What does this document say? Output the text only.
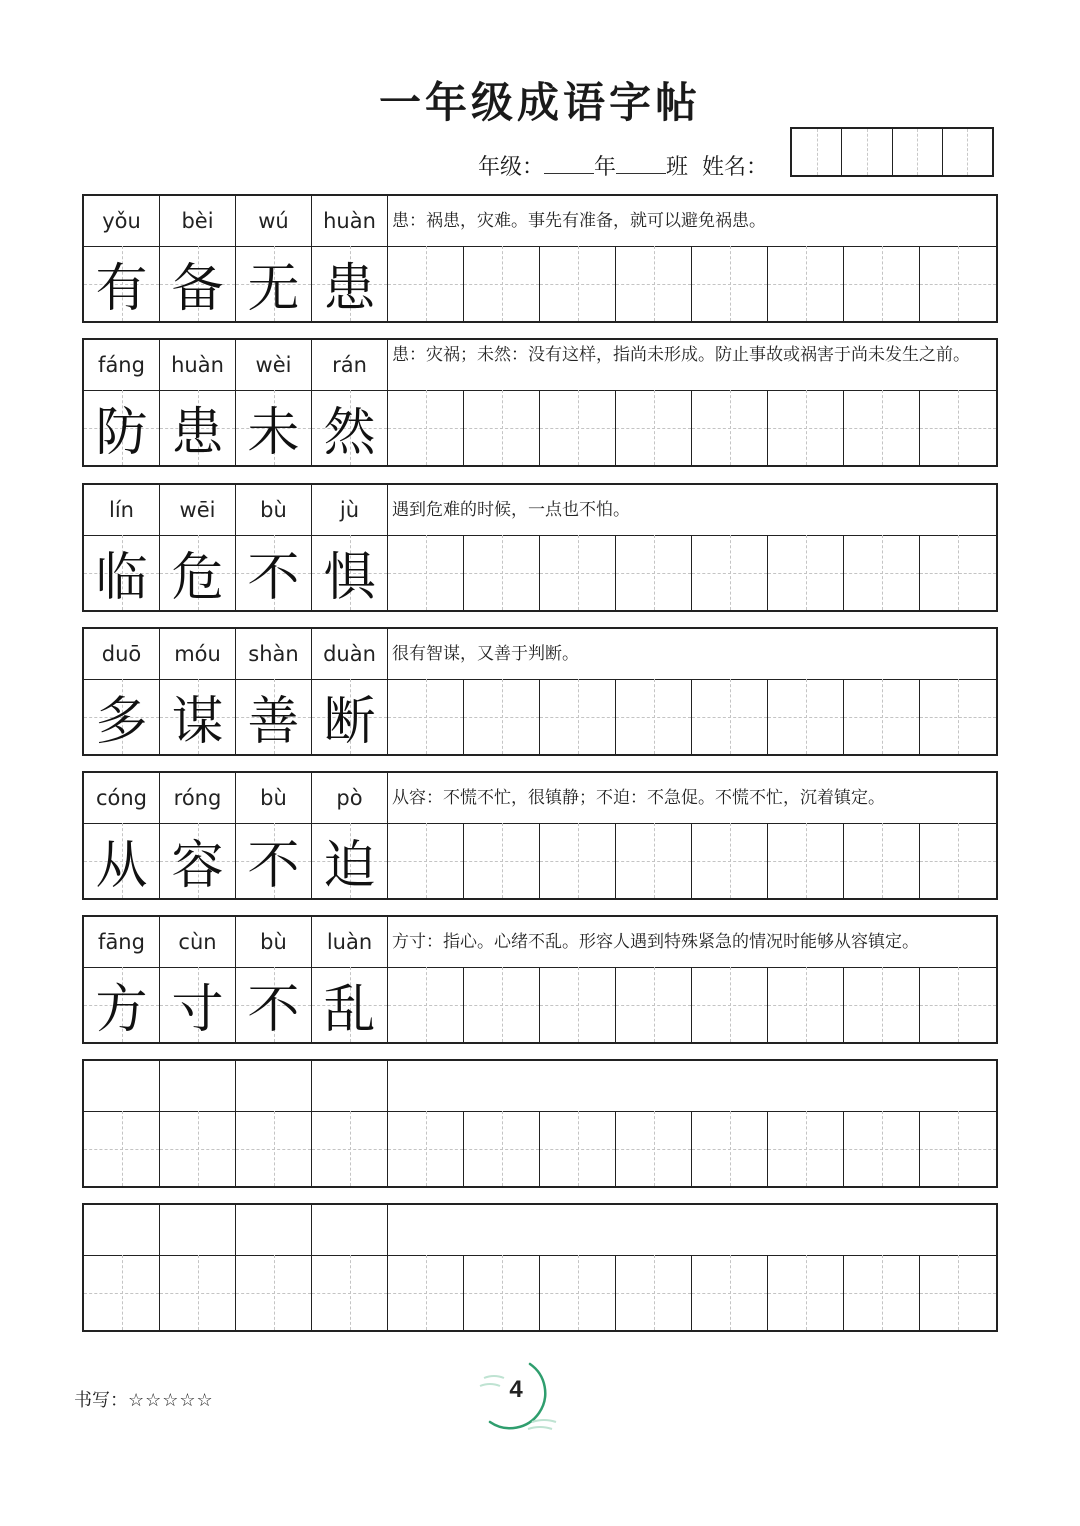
一年级成语字帖
年级： 年 班 姓名：
yǒu	bèi	wú	huàn 患：祸患，灾难。事先有准备，就可以避免祸患。
有 备 无 患
fáng	huàn	wèi	rán	患：灾祸；未然：没有这样，指尚未形成。防止事故或祸害于尚未发生之前。
防 患 未 然
lín	wēi	bù	jù	遇到危难的时候，一点也不怕。
临 危 不 惧
duō	móu	shàn	duàn 很有智谋，又善于判断。
多 谋 善 断
cóng	róng	bù	pò	从容：不慌不忙，很镇静；不迫：不急促。不慌不忙，沉着镇定。
从 容 不 迫
fāng	cùn	bù	luàn	方寸：指心。心绪不乱。形容人遇到特殊紧急的情况时能够从容镇定。
方 寸 不 乱
书写：☆☆☆☆☆	4
